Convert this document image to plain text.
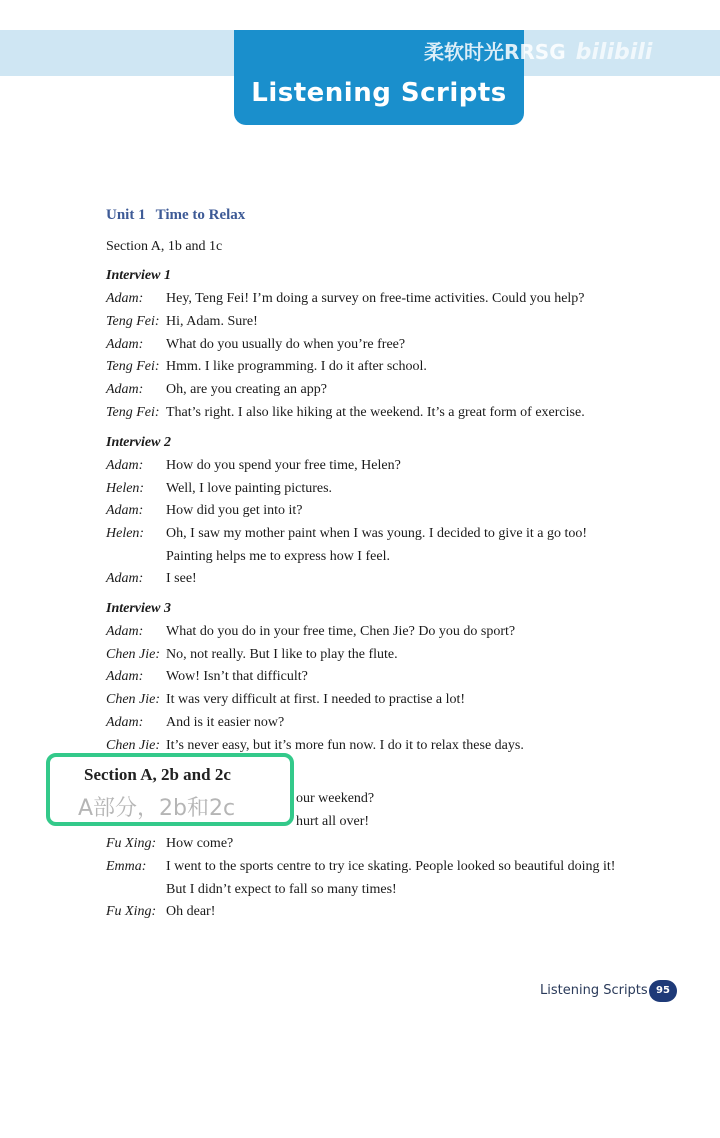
Listening Scripts
柔软时光RRSG bilibili
Unit 1 Time to Relax
Section A, 1b and 1c
Interview 1
Adam: Hey, Teng Fei! I’m doing a survey on free-time activities. Could you help?
Teng Fei: Hi, Adam. Sure!
Adam: What do you usually do when you’re free?
Teng Fei: Hmm. I like programming. I do it after school.
Adam: Oh, are you creating an app?
Teng Fei: That’s right. I also like hiking at the weekend. It’s a great form of exercise.
Interview 2
Adam: How do you spend your free time, Helen?
Helen: Well, I love painting pictures.
Adam: How did you get into it?
Helen: Oh, I saw my mother paint when I was young. I decided to give it a go too!
Painting helps me to express how I feel.
Adam: I see!
Interview 3
Adam: What do you do in your free time, Chen Jie? Do you do sport?
Chen Jie: No, not really. But I like to play the flute.
Adam: Wow! Isn’t that difficult?
Chen Jie: It was very difficult at first. I needed to practise a lot!
Adam: And is it easier now?
Chen Jie: It’s never easy, but it’s more fun now. I do it to relax these days.
our weekend?
hurt all over!
Fu Xing: How come?
Emma: I went to the sports centre to try ice skating. People looked so beautiful doing it!
But I didn’t expect to fall so many times!
Fu Xing: Oh dear!
Section A, 2b and 2c
A部分，2b和2c
Listening Scripts 95
